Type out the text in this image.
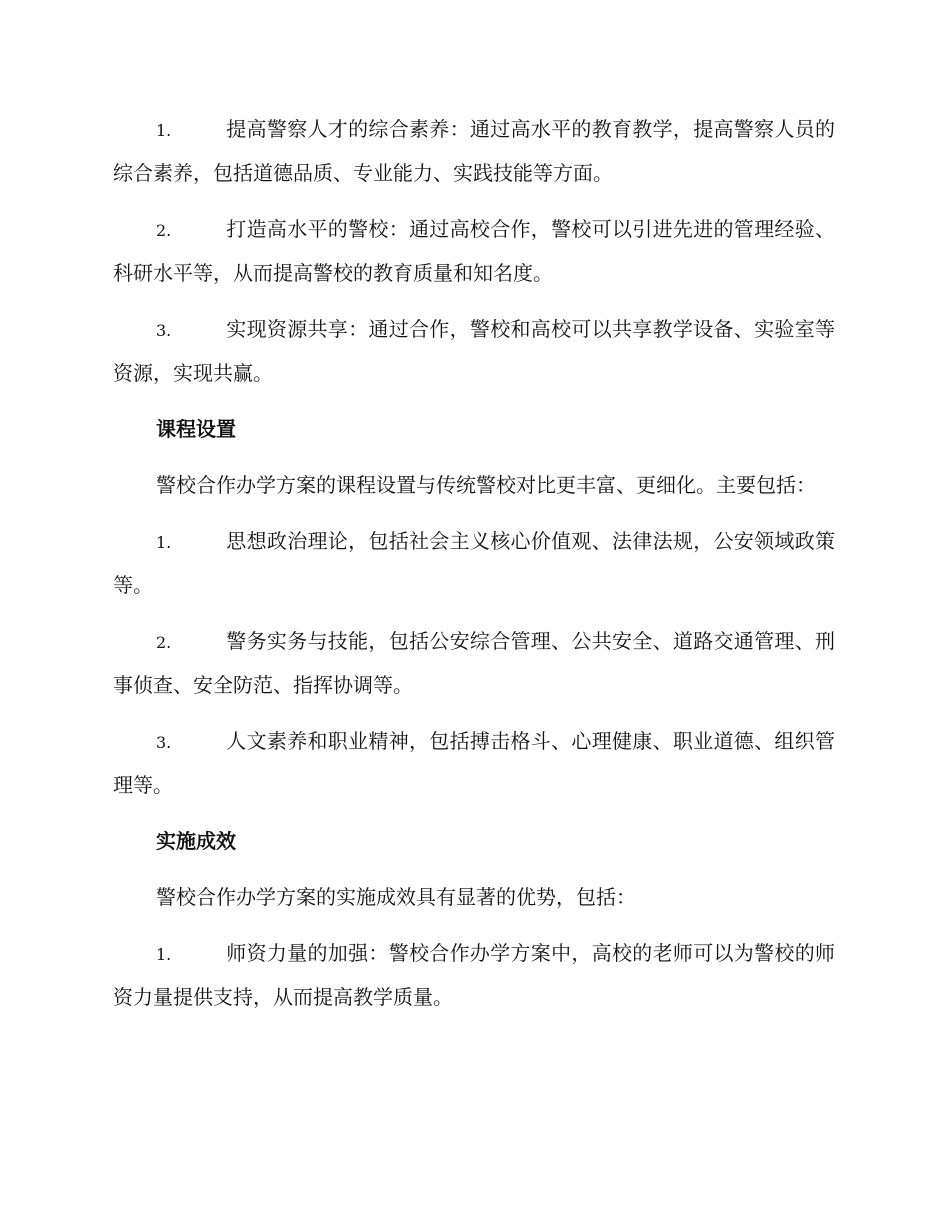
1.	提高警察人才的综合素养：通过高水平的教育教学，提高警察人员的综合素养，包括道德品质、专业能力、实践技能等方面。

2.	打造高水平的警校：通过高校合作，警校可以引进先进的管理经验、科研水平等，从而提高警校的教育质量和知名度。

3.	实现资源共享：通过合作，警校和高校可以共享教学设备、实验室等资源，实现共赢。

课程设置

警校合作办学方案的课程设置与传统警校对比更丰富、更细化。主要包括：

1.	思想政治理论，包括社会主义核心价值观、法律法规，公安领域政策等。

2.	警务实务与技能，包括公安综合管理、公共安全、道路交通管理、刑事侦查、安全防范、指挥协调等。

3.	人文素养和职业精神，包括搏击格斗、心理健康、职业道德、组织管理等。

实施成效

警校合作办学方案的实施成效具有显著的优势，包括：

1.	师资力量的加强：警校合作办学方案中，高校的老师可以为警校的师资力量提供支持，从而提高教学质量。
